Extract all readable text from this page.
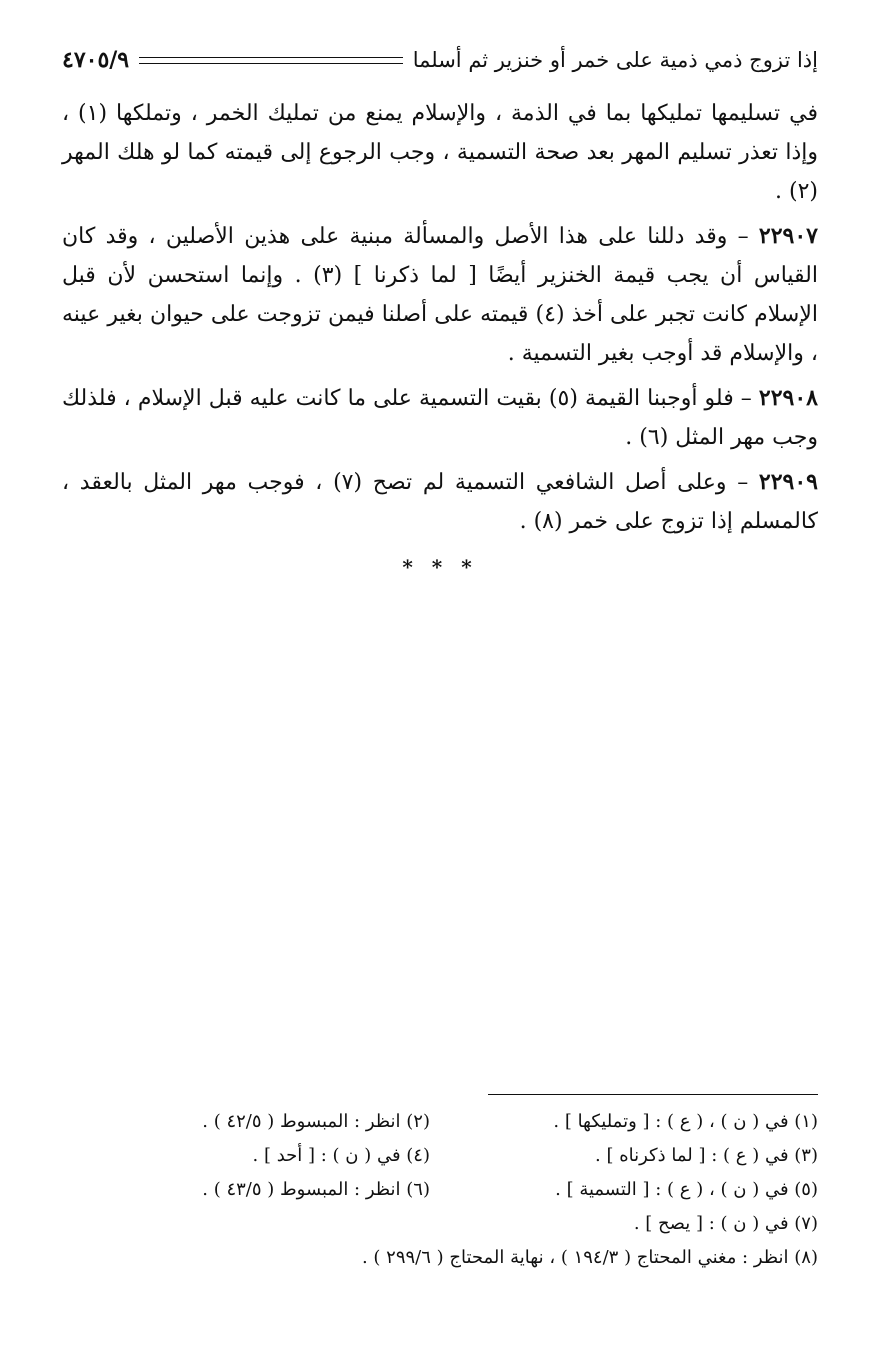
إذا تزوج ذمي ذمية على خمر أو خنزير ثم أسلما
٤٧٠٥/٩

في تسليمها تمليكها بما في الذمة ، والإسلام يمنع من تمليك الخمر ، وتملكها (١) ، وإذا تعذر تسليم المهر بعد صحة التسمية ، وجب الرجوع إلى قيمته كما لو هلك المهر (٢) .

٢٢٩٠٧ – وقد دللنا على هذا الأصل والمسألة مبنية على هذين الأصلين ، وقد كان القياس أن يجب قيمة الخنزير أيضًا [ لما ذكرنا ] (٣) . وإنما استحسن لأن قبل الإسلام كانت تجبر على أخذ (٤) قيمته على أصلنا فيمن تزوجت على حيوان بغير عينه ، والإسلام قد أوجب بغير التسمية .

٢٢٩٠٨ – فلو أوجبنا القيمة (٥) بقيت التسمية على ما كانت عليه قبل الإسلام ، فلذلك وجب مهر المثل (٦) .

٢٢٩٠٩ – وعلى أصل الشافعي التسمية لم تصح (٧) ، فوجب مهر المثل بالعقد ، كالمسلم إذا تزوج على خمر (٨) .

* * *
(١) في ( ن ) ، ( ع ) : [ وتمليكها ] .
(٢) انظر : المبسوط ( ٤٢/٥ ) .
(٣) في ( ع ) : [ لما ذكرناه ] .
(٤) في ( ن ) : [ أحد ] .
(٥) في ( ن ) ، ( ع ) : [ التسمية ] .
(٦) انظر : المبسوط ( ٤٣/٥ ) .
(٧) في ( ن ) : [ يصح ] .
(٨) انظر : مغني المحتاج ( ١٩٤/٣ ) ، نهاية المحتاج ( ٢٩٩/٦ ) .
